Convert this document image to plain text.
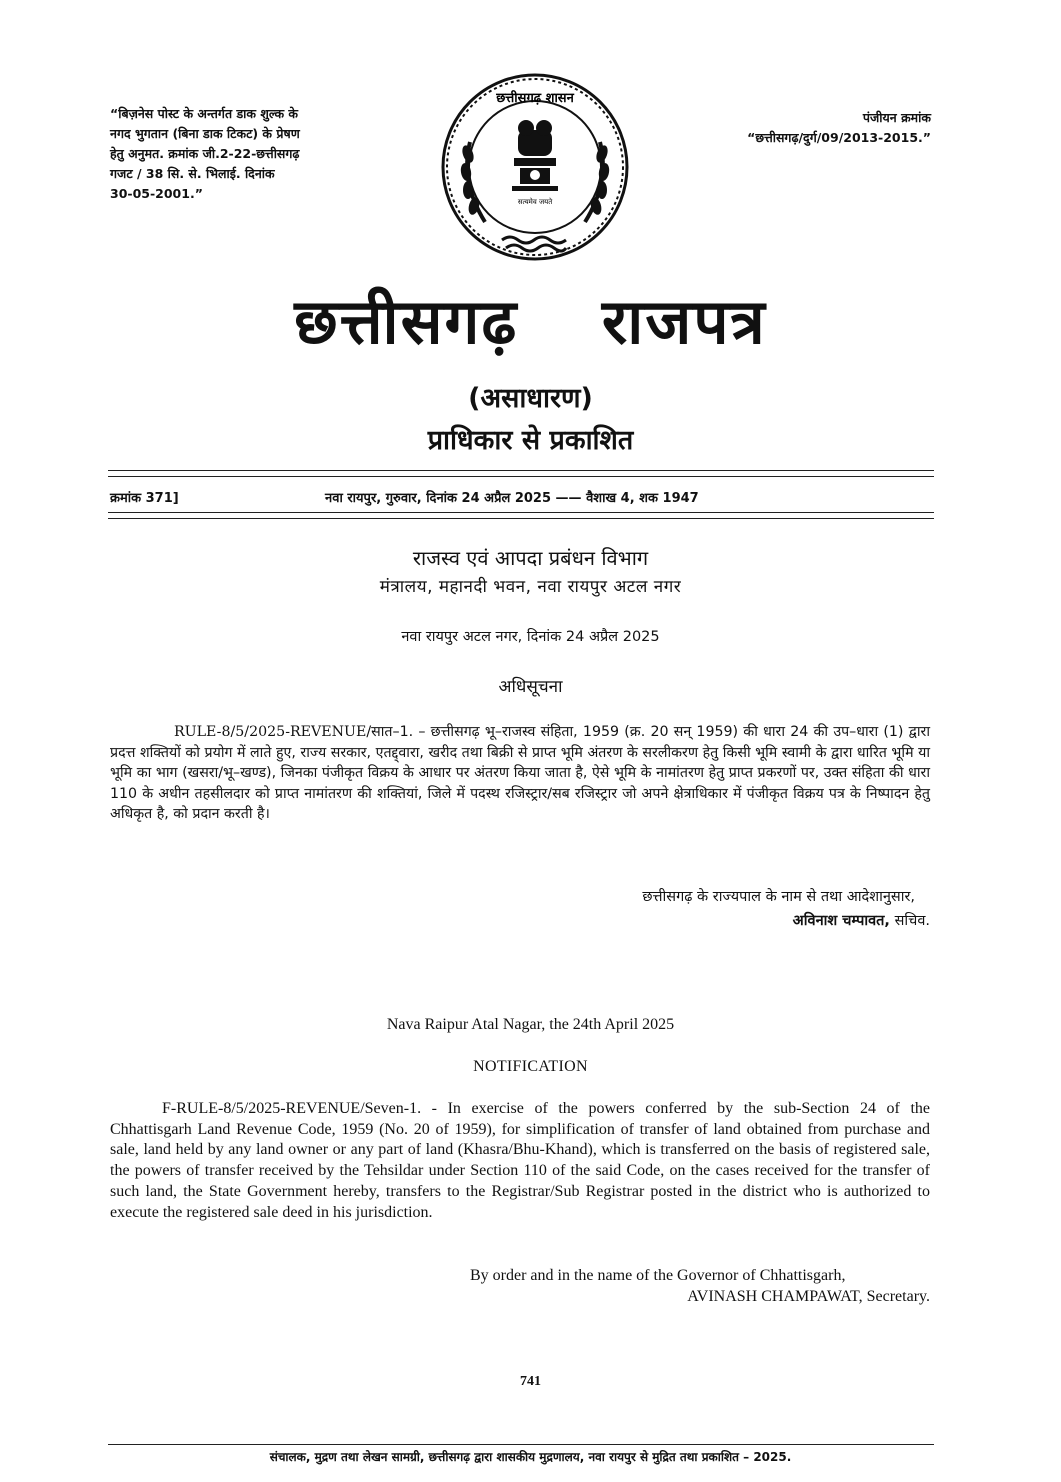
“बिज़नेस पोस्ट के अन्तर्गत डाक शुल्क के
नगद भुगतान (बिना डाक टिकट) के प्रेषण
हेतु अनुमत. क्रमांक जी.2-22-छत्तीसगढ़
गजट / 38 सि. से. भिलाई. दिनांक
30-05-2001.”
पंजीयन क्रमांक
“छत्तीसगढ़/दुर्ग/09/2013-2015.”
छत्तीसगढ़ शासन
सत्यमेव जयते
छत्तीसगढ़ राजपत्र
(असाधारण)
प्राधिकार से प्रकाशित
क्रमांक 371]	नवा रायपुर, गुरुवार, दिनांक 24 अप्रैल 2025 —— वैशाख 4, शक 1947
राजस्व एवं आपदा प्रबंधन विभाग
मंत्रालय, महानदी भवन, नवा रायपुर अटल नगर
नवा रायपुर अटल नगर, दिनांक 24 अप्रैल 2025
अधिसूचना
RULE-8/5/2025-REVENUE/सात–1. – छत्तीसगढ़ भू–राजस्व संहिता, 1959 (क्र. 20 सन् 1959) की धारा 24 की उप–धारा (1) द्वारा प्रदत्त शक्तियों को प्रयोग में लाते हुए, राज्य सरकार, एतद्द्वारा, खरीद तथा बिक्री से प्राप्त भूमि अंतरण के सरलीकरण हेतु किसी भूमि स्वामी के द्वारा धारित भूमि या भूमि का भाग (खसरा/भू–खण्ड), जिनका पंजीकृत विक्रय के आधार पर अंतरण किया जाता है, ऐसे भूमि के नामांतरण हेतु प्राप्त प्रकरणों पर, उक्त संहिता की धारा 110 के अधीन तहसीलदार को प्राप्त नामांतरण की शक्तियां, जिले में पदस्थ रजिस्ट्रार/सब रजिस्ट्रार जो अपने क्षेत्राधिकार में पंजीकृत विक्रय पत्र के निष्पादन हेतु अधिकृत है, को प्रदान करती है।
छत्तीसगढ़ के राज्यपाल के नाम से तथा आदेशानुसार,
अविनाश चम्पावत, सचिव.
Nava Raipur Atal Nagar, the 24th April 2025
NOTIFICATION
F-RULE-8/5/2025-REVENUE/Seven-1. - In exercise of the powers conferred by the sub-Section 24 of the Chhattisgarh Land Revenue Code, 1959 (No. 20 of 1959), for simplification of transfer of land obtained from purchase and sale, land held by any land owner or any part of land (Khasra/Bhu-Khand), which is transferred on the basis of registered sale, the powers of transfer received by the Tehsildar under Section 110 of the said Code, on the cases received for the transfer of such land, the State Government hereby, transfers to the Registrar/Sub Registrar posted in the district who is authorized to execute the registered sale deed in his jurisdiction.
By order and in the name of the Governor of Chhattisgarh,
AVINASH CHAMPAWAT, Secretary.
741
संचालक, मुद्रण तथा लेखन सामग्री, छत्तीसगढ़ द्वारा शासकीय मुद्रणालय, नवा रायपुर से मुद्रित तथा प्रकाशित – 2025.
